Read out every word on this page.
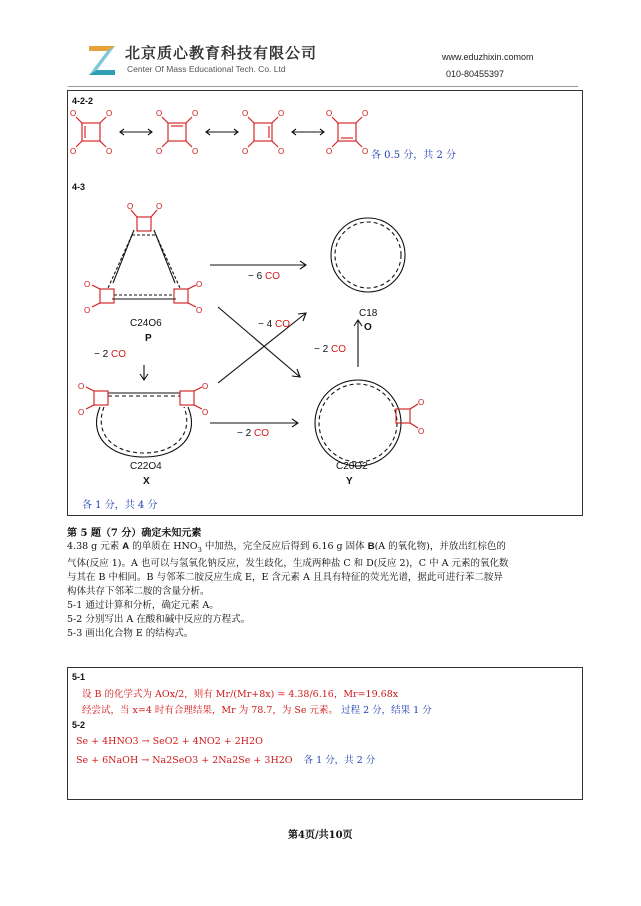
北京质心教育科技有限公司
Center Of Mass Educational Tech. Co. Ltd
www.eduzhixin.comom
010-80455397
4-2-2
O	O
O	O
O	O
O	O
O	O
O	O
O	O
O	O 各 0.5 分，共 2 分
4-3
O	O
O
O
O
O
O
O
O
O
O
O
C24O6
P
C22O4
X
C20O2
Y
C18
O
− 6 CO
− 2 CO
− 4 CO
− 2 CO
− 2 CO
各 1 分，共 4 分
第 5 题（7 分）确定未知元素
4.38 g 元素 A 的单质在 $HNO_3$ 中加热，完全反应后得到 6.16 g 固体 B(A 的氧化物)，并放出红棕色的
气体(反应 1)。A 也可以与氢氧化钠反应，发生歧化，生成两种盐 C 和 D(反应 2)，C 中 A 元素的氧化数
与其在 B 中相同。B 与邻苯二胺反应生成 E，E 含元素 A 且具有特征的荧光光谱，据此可进行苯二胺异
构体共存下邻苯二胺的含量分析。
5-1 通过计算和分析，确定元素 A。
5-2 分别写出 A 在酸和碱中反应的方程式。
5-3 画出化合物 E 的结构式。
5-1
设 B 的化学式为 AOx/2，则有 Mr/(Mr+8x) = 4.38/6.16，Mr=19.68x
经尝试，当 x=4 时有合理结果，Mr 为 78.7，为 Se 元素。 过程 2 分，结果 1 分
5-2
Se + 4HNO3 → SeO2 + 4NO2 + 2H2O
Se + 6NaOH → Na2SeO3 + 2Na2Se + 3H2O 各 1 分，共 2 分
第4页/共10页
